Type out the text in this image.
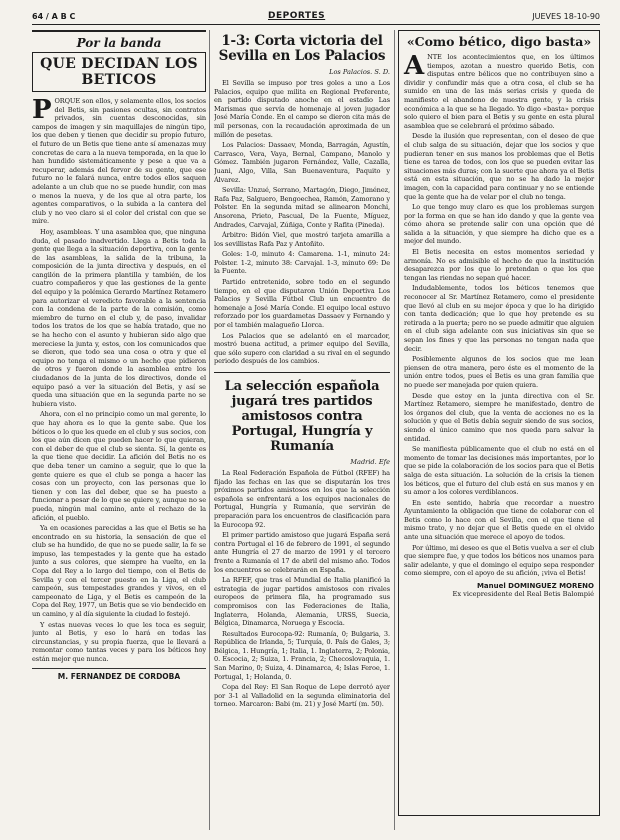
64 / A B C	DEPORTES	JUEVES 18-10-90
Por la banda
QUE DECIDAN LOS BETICOS

P ORQUE son ellos, y solamente ellos, los socios del Betis, sin pasiones ocultas, sin contratos privados, sin cuentas desconocidas, sin campos de imagen y sin maquillajes de ningún tipo, los que deben y tienen que decidir su propio futuro, el futuro de un Betis que tiene ante sí amenazas muy concretas de cara a la nueva temporada, en la que lo han hundido sistemáticamente y pese a que va a recuperar, además del fervor de su gente, que ese futuro no le falará nunca, entre todos ellos saquen adelante a un club que no se puede hundir, con mas o menos la nueva, y de los que al otra parte, los agentes comparativos, o la subida a la cantera del club y no veo claro si el color del cristal con que se mire.

Hoy, asambleas. Y una asamblea que, que ninguna duda, el pasado inadvertido. Llega a Betis toda la gente que llega a la situación deportiva, con la gente de las asambleas, la salida de la tribuna, la composición de la junta directiva y después, en el cangilón de la primera plantilla y también, de los cuatro compañeros y que las gestiones de la gente del equipo y la polémica Gerardo Martínez Retamero para autorizar el veredicto favorable a la sentencia con la condena de la parte de la comisión, como miembro de turno en el club y, de paso, invalidar todos los tratos de los que se había tratado, que no se ha hecho con el asunto y hubieran sido algo que mereciese la junta y, estos, con los comunicados que se dieron, que todo sea una cosa o otra y que el equipo no tenga el mismo o un hecho que pidieron de otros y fueron donde la asamblea entre los ciudadanos de la junta de los directivos, donde el equipo pasó a ver la situación del Betis, y así se queda una situación que en la segunda parte no se hubiera visto.

Ahora, con el no principio como un mal gerente, lo que hay ahora es lo que la gente sabe. Que los béticos o lo que les quede en el club y sus socios, con los que aún dicen que pueden hacer lo que quieran, con el deber de que el club se sienta. Sí, la gente es la que tiene que decidir. La afición del Betis no es que deba tener un camino a seguir, que lo que la gente quiere es que el club se ponga a hacer las cosas con un proyecto, con las personas que lo tienen y con las del deber, que se ha puesto a funcionar a pesar de lo que se quiere y, aunque no se pueda, ningún mal camino, ante el rechazo de la afición, el pueblo.

Ya en ocasiones parecidas a las que el Betis se ha encontrado en su historia, la sensación de que el club se ha hundido, de que no se puede salir, la fe se impuso, las tempestades y la gente que ha estado junto a sus colores, que siempre ha vuelto, en la Copa del Rey a lo largo del tiempo, con el Betis de Sevilla y con el tercer puesto en la Liga, el club campeón, sus tempestades grandes y vivos, en el campeonato de Liga, y el Betis es campeón de la Copa del Rey, 1977, un Betis que se vio bendecido en un camino, y al día siguiente la ciudad lo festejó.

Y estas nuevas veces lo que les toca es seguir, junto al Betis, y eso lo hará en todas las circunstancias, y su propia fuerza, que le llevará a remontar como tantas veces y para los béticos hoy están mejor que nunca.

M. FERNANDEZ DE CORDOBA
1-3: Corta victoria del Sevilla en Los Palacios
Los Palacios. S. D.

El Sevilla se impuso por tres goles a uno a Los Palacios, equipo que milita en Regional Preferente, en partido disputado anoche en el estadio Las Marismas que servía de homenaje al joven jugador José María Conde. En el campo se dieron cita más de mil personas, con la recaudación aproximada de un millón de pesetas.

Los Palacios: Dassaev, Monda, Barragán, Agustín, Carrasco, Vera, Vaya, Bernal, Campano, Manolo y Gómez. También jugaron Fernández, Valle, Cazalla, Juani, Algo, Villa, San Buenaventura, Paquito y Álvarez.

Sevilla: Unzué, Serrano, Martagón, Diego, Jiménez, Rafa Paz, Salguero, Bengoechea, Ramón, Zamorano y Polster. En la segunda mitad se alinearon Monchi, Ansorena, Prieto, Pascual, De la Fuente, Míguez, Andrades, Carvajal, Zúñiga, Conte y Rafita (Pineda).

Árbitro: Bidón Viel, que mostró tarjeta amarilla a los sevillistas Rafa Paz y Antoñito.

Goles: 1-0, minuto 4: Camarena. 1-1, minuto 24: Polster. 1-2, minuto 38: Carvajal. 1-3, minuto 69: De la Fuente.

Partido entretenido, sobre todo en el segundo tiempo, en el que disputaron Unión Deportiva Los Palacios y Sevilla Fútbol Club un encuentro de homenaje a José María Conde. El equipo local estuvo reforzado por los guardametas Dassaev y Fernando y por el también malagueño Llorca.

Los Palacios que se adelantó en el marcador, mostró buena actitud, a primer equipo del Sevilla, que sólo supero con claridad a su rival en el segundo periodo después de los cambios.

La selección española jugará tres partidos amistosos contra Portugal, Hungría y Rumanía
Madrid. Efe

La Real Federación Española de Fútbol (RFEF) ha fijado las fechas en las que se disputarán los tres próximos partidos amistosos en los que la selección española se enfrentará a los equipos nacionales de Portugal, Hungría y Rumanía, que servirán de preparación para los encuentros de clasificación para la Eurocopa 92.

El primer partido amistoso que jugará España será contra Portugal el 16 de febrero de 1991, el segundo ante Hungría el 27 de marzo de 1991 y el tercero frente a Rumanía el 17 de abril del mismo año. Todos los encuentros se celebrarán en España.

La RFEF, que tras el Mundial de Italia planificó la estrategia de jugar partidos amistosos con rivales europeos de primera fila, ha programado sus compromisos con las Federaciones de Italia, Inglaterra, Holanda, Alemania, URSS, Suecia, Bélgica, Dinamarca, Noruega y Escocia.

Resultados Eurocopa-92: Rumanía, 0; Bulgaria, 3. República de Irlanda, 5; Turquía, 0. País de Gales, 3; Bélgica, 1. Hungría, 1; Italia, 1. Inglaterra, 2; Polonia, 0. Escocia, 2; Suiza, 1. Francia, 2; Checoslovaquia, 1. San Marino, 0; Suiza, 4. Dinamarca, 4; Islas Feroe, 1. Portugal, 1; Holanda, 0.

Copa del Rey: El San Roque de Lepe derrotó ayer por 3-1 al Valladolid en la segunda eliminatoria del torneo. Marcaron: Babi (m. 21) y José Martí (m. 50).

«Como bético, digo basta»

A NTE los acontecimientos que, en los últimos tiempos, azotan a nuestro querido Betis, con disputas entre bélicos que no contribuyen sino a dividir y confundir más que a otra cosa, el club se ha sumido en una de las más serias crisis y queda de manifiesto el abandono de nuestra gente, y la crisis económica a la que se ha llegado. Yo digo «basta» porque solo quiero el bien para el Betis y su gente en esta plural asamblea que se celebrará el próximo sábado.

Desde la ilusión que representan, con el deseo de que el club salga de su situación, dejar que los socios y que pudieran tener en sus manos los problemas que el Betis tiene es tarea de todos, con los que se pueden evitar las situaciones más duras; con la suerte que ahora ya el Betis está en esta situación, que no se ha dado la mejor imagen, con la capacidad para continuar y no se entiende que la gente que ha de velar por el club no tenga.

Lo que tengo muy claro es que los problemas surgen por la forma en que se han ido dando y que la gente vea cómo ahora se pretende salir con una opción que dé salida a la situación, y que siempre ha dicho que es a mejor del mundo.

El Betis necesita en estos momentos seriedad y armonía. No es admisible el hecho de que la institución desaparezca por los que lo pretendan o que los que tengan las riendas no sepan qué hacer.

Indudablemente, todos los béticos tenemos que reconocer al Sr. Martínez Retamero, como el presidente que llevó al club en su mejor época y que lo ha dirigido con tanta dedicación; que lo que hoy pretende es su retirada a la puerta; pero no se puede admitir que alguien en el club siga adelante con sus iniciativas sin que se sepan los fines y que las personas no tengan nada que decir.

Posiblemente algunos de los socios que me lean piensen de otra manera, pero éste es el momento de la unión entre todos, pues el Betis es una gran familia que no puede ser manejada por quien quiera.

Desde que estoy en la junta directiva con el Sr. Martínez Retamero, siempre he manifestado, dentro de los órganos del club, que la venta de acciones no es la solución y que el Betis debía seguir siendo de sus socios, siendo el único camino que nos queda para salvar la entidad.

Se manifiesta públicamente que el club no está en el momento de tomar las decisiones más importantes, por lo que se pide la colaboración de los socios para que el Betis salga de esta situación. La solución de la crisis la tienen los béticos, que el futuro del club está en sus manos y en su amor a los colores verdiblancos.

En este sentido, habría que recordar a nuestro Ayuntamiento la obligación que tiene de colaborar con el Betis como lo hace con el Sevilla, con el que tiene el mismo trato, y no dejar que el Betis quede en el olvido ante una situación que merece el apoyo de todos.

Por último, mi deseo es que el Betis vuelva a ser el club que siempre fue, y que todos los béticos nos unamos para salir adelante, y que el domingo el equipo sepa responder como siempre, con el apoyo de su afición, ¡viva el Betis!

Manuel DOMINGUEZ MORENO
Ex vicepresidente del Real Betis Balompié
